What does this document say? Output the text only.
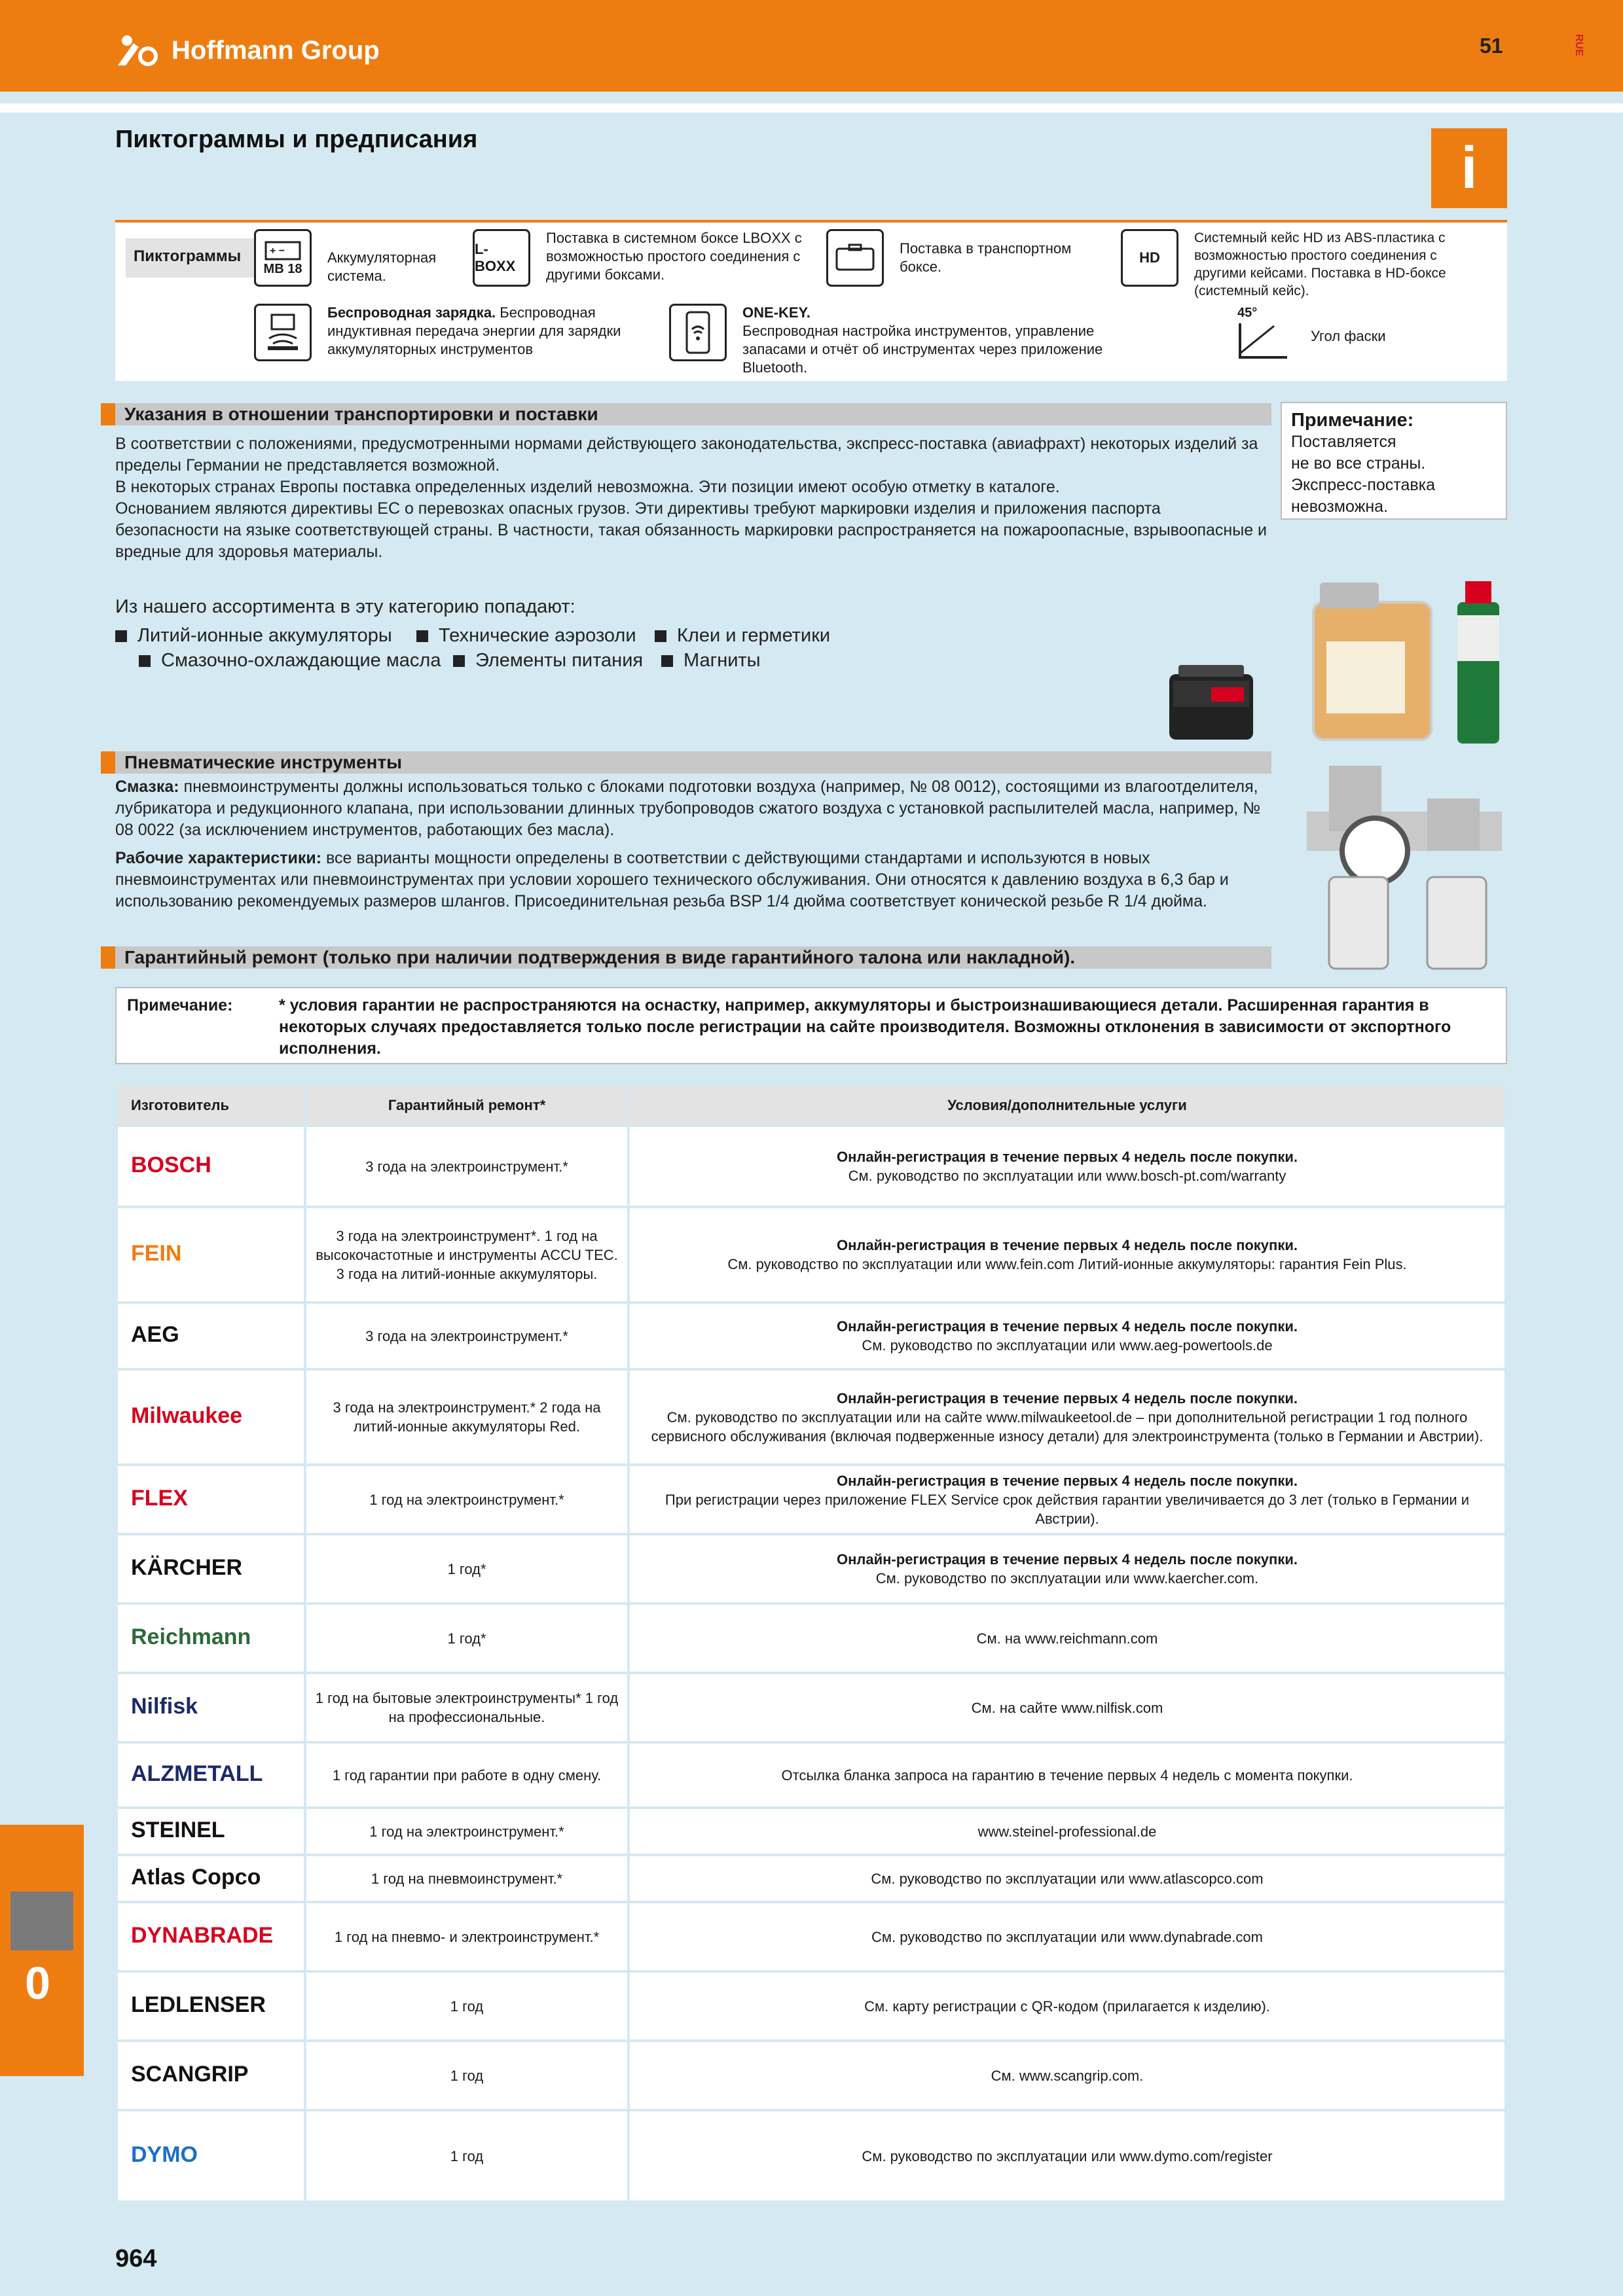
Hoffmann Group	51	RUE
Пиктограммы и предписания	i
Пиктограммы	+ −
MB 18
Аккумуляторная система.
L-BOXX
Поставка в системном боксе LBOXX с возможностью простого соединения с другими боксами.
Поставка в транспортном боксе.
HD
Системный кейс HD из ABS-пластика с возможностью простого соединения с другими кейсами. Поставка в HD-боксе (системный кейс).
Беспроводная зарядка. Беспроводная индуктивная передача энергии для зарядки аккумуляторных инструментов
ONE-KEY.
Беспроводная настройка инструментов, управление запасами и отчёт об инструментах через приложение Bluetooth.
45°
Угол фаски
Указания в отношении транспортировки и поставки
В соответствии с положениями, предусмотренными нормами действующего законодательства, экспресс-поставка (авиафрахт) некоторых изделий за пределы Германии не представляется возможной.
В некоторых странах Европы поставка определенных изделий невозможна. Эти позиции имеют особую отметку в каталоге.
Основанием являются директивы ЕС о перевозках опасных грузов. Эти директивы требуют маркировки изделия и приложения паспорта безопасности на языке соответствующей страны. В частности, такая обязанность маркировки распространяется на пожароопасные, взрывоопасные и вредные для здоровья материалы.
Примечание:
Поставляется
не во все страны.
Экспресс-поставка
невозможна.
Из нашего ассортимента в эту категорию попадают:
Литий-ионные аккумуляторы	Технические аэрозоли	Клеи и герметики
Смазочно-охлаждающие масла	Элементы питания	Магниты
Пневматические инструменты
Смазка: пневмоинструменты должны использоваться только с блоками подготовки воздуха (например, № 08 0012), состоящими из влагоотделителя, лубрикатора и редукционного клапана, при использовании длинных трубопроводов сжатого воздуха с установкой распылителей масла, например, № 08 0022 (за исключением инструментов, работающих без масла).
Рабочие характеристики: все варианты мощности определены в соответствии с действующими стандартами и используются в новых пневмоинструментах или пневмоинструментах при условии хорошего технического обслуживания. Они относятся к давлению воздуха в 6,3 бар и использованию рекомендуемых размеров шлангов. Присоединительная резьба BSP 1/4 дюйма соответствует конической резьбе R 1/4 дюйма.
Гарантийный ремонт (только при наличии подтверждения в виде гарантийного талона или накладной).
Примечание:	* условия гарантии не распространяются на оснастку, например, аккумуляторы и быстроизнашивающиеся детали. Расширенная гарантия в некоторых случаях предоставляется только после регистрации на сайте производителя. Возможны отклонения в зависимости от экспортного исполнения.
Изготовитель	Гарантийный ремонт*	Условия/дополнительные услуги
BOSCH	3 года на электроинструмент.*	Онлайн-регистрация в течение первых 4 недель после покупки.
См. руководство по эксплуатации или www.bosch-pt.com/warranty
FEIN	3 года на электроинструмент*. 1 год на высокочастотные и инструменты ACCU TEC. 3 года на литий-ионные аккумуляторы.	Онлайн-регистрация в течение первых 4 недель после покупки.
См. руководство по эксплуатации или www.fein.com Литий-ионные аккумуляторы: гарантия Fein Plus.
AEG	3 года на электроинструмент.*	Онлайн-регистрация в течение первых 4 недель после покупки.
См. руководство по эксплуатации или www.aeg-powertools.de
Milwaukee	3 года на электроинструмент.* 2 года на литий-ионные аккумуляторы Red.	Онлайн-регистрация в течение первых 4 недель после покупки.
См. руководство по эксплуатации или на сайте www.milwaukeetool.de – при дополнительной регистрации 1 год полного сервисного обслуживания (включая подверженные износу детали) для электроинструмента (только в Германии и Австрии).
FLEX	1 год на электроинструмент.*	Онлайн-регистрация в течение первых 4 недель после покупки.
При регистрации через приложение FLEX Service срок действия гарантии увеличивается до 3 лет (только в Германии и Австрии).
KÄRCHER	1 год*	Онлайн-регистрация в течение первых 4 недель после покупки.
См. руководство по эксплуатации или www.kaercher.com.
Reichmann	1 год*	См. на www.reichmann.com
Nilfisk	1 год на бытовые электроинструменты* 1 год на профессиональные.	См. на сайте www.nilfisk.com
ALZMETALL	1 год гарантии при работе в одну смену.	Отсылка бланка запроса на гарантию в течение первых 4 недель с момента покупки.
STEINEL	1 год на электроинструмент.*	www.steinel-professional.de
Atlas Copco	1 год на пневмоинструмент.*	См. руководство по эксплуатации или www.atlascopco.com
DYNABRADE	1 год на пневмо- и электроинструмент.*	См. руководство по эксплуатации или www.dynabrade.com
LEDLENSER	1 год	См. карту регистрации с QR-кодом (прилагается к изделию).
SCANGRIP	1 год	См. www.scangrip.com.
DYMO	1 год	См. руководство по эксплуатации или www.dymo.com/register
0
964
